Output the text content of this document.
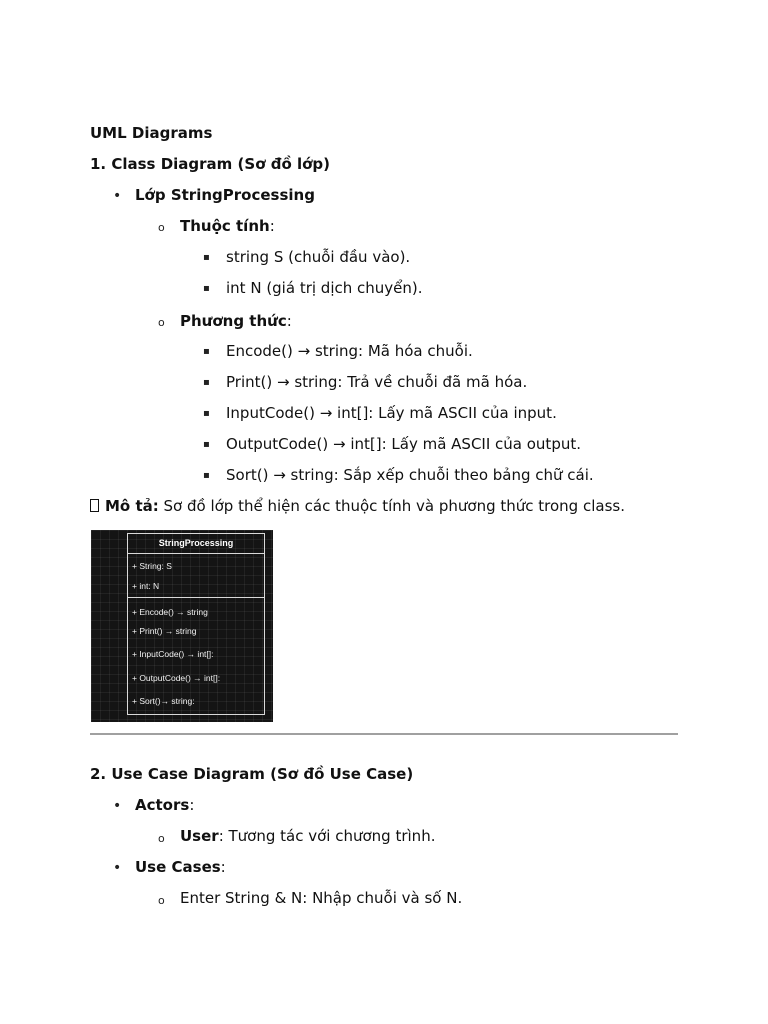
UML Diagrams
1. Class Diagram (Sơ đồ lớp)
• Lớp StringProcessing
o Thuộc tính:
▪ string S (chuỗi đầu vào).
▪ int N (giá trị dịch chuyển).
o Phương thức:
▪ Encode() → string: Mã hóa chuỗi.
▪ Print() → string: Trả về chuỗi đã mã hóa.
▪ InputCode() → int[]: Lấy mã ASCII của input.
▪ OutputCode() → int[]: Lấy mã ASCII của output.
▪ Sort() → string: Sắp xếp chuỗi theo bảng chữ cái.
Mô tả: Sơ đồ lớp thể hiện các thuộc tính và phương thức trong class.
StringProcessing
+ String: S
+ int: N
+ Encode() → string
+ Print() → string
+ InputCode() → int[]:
+ OutputCode() → int[]:
+ Sort()→ string:
2. Use Case Diagram (Sơ đồ Use Case)
• Actors:
o User: Tương tác với chương trình.
• Use Cases:
o Enter String & N: Nhập chuỗi và số N.
